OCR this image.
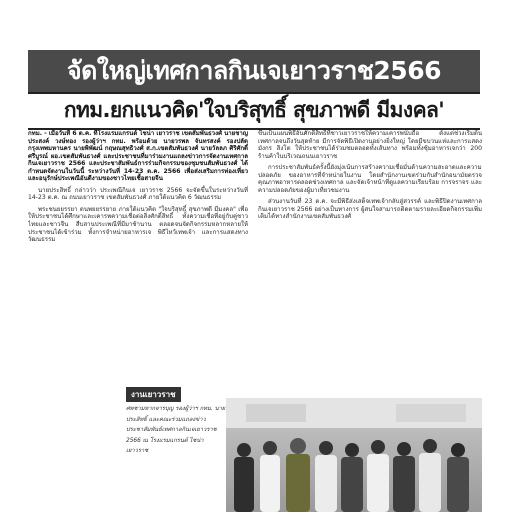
จัดใหญ่เทศกาลกินเจเยาวราช2566
กทม.ยกแนวคิด'ใจบริสุทธิ์ สุขภาพดี มีมงคล'

กทม. - เมื่อวันที่ 6 ต.ค. ที่โรงแรมแกรนด์ ไชน่า เยาวราช เขตสัมพันธวงศ์ นายชาญ ประสงค์ วงษ์ทอง รองผู้ว่าฯ กทม. พร้อมด้วย นายวรพล จันทรสงค์ รองปลัดกรุงเทพมหานคร นายพิพัฒน์ กฤษณสุทธิวงศ์ ส.ก.เขตสัมพันธวงศ์ นายวัลลภ ศิริศักดิ์ศรีบูรณ์ ผอ.เขตสัมพันธวงศ์ และประชาชนที่มาร่วมงานแถลงข่าวการจัดงานเทศกาลกินเจเยาวราช 2566 และประชาสัมพันธ์การร่วมกิจกรรมของชุมชนสัมพันธวงศ์ ได้กำหนดจัดงานในวันนี้ ระหว่างวันที่ 14-23 ต.ค. 2566 เพื่อส่งเสริมการท่องเที่ยวและอนุรักษ์ประเพณีอันดีงามของชาวไทยเชื้อสายจีน

นายประสิทธิ์ กล่าวว่า ประเพณีกินเจ เยาวราช 2566 จะจัดขึ้นในระหว่างวันที่ 14-23 ต.ค. ณ ถนนเยาวราช เขตสัมพันธวงศ์ ภายใต้แนวคิด 6 วัฒนธรรม

พระชนยยรรยา ดนพยยรรยาย ภายใต้แนวคิด "ใจบริสุทธิ์ สุขภาพดี มีมงคล" เพื่อให้ประชาชนได้ศึกษาและเคารพความเชื่อต่อสิ่งศักดิ์สิทธิ์ ทั้งความเชื่อที่อยู่กับคู่ชาวไทยและชาวจีน สืบสานประเพณีที่มีมาช้านาน ตลอดจนจัดกิจกรรมหลากหลายให้ประชาชนได้เข้าร่วม ทั้งการจำหน่ายอาหารเจ พิธีไหว้เทพเจ้า และการแสดงทางวัฒนธรรม

ขึ้นเป็นแผนพิธีอันศักดิ์สิทธิ์ที่ชาวเยาวราชให้ความเคารพนับถือ ตั้งแต่ช่วงเริ่มต้นเทศกาลจนถึงวันสุดท้าย มีการจัดพิธีเปิดงานอย่างยิ่งใหญ่ โดยมีขบวนแห่และการแสดงมังกร สิงโต ให้ประชาชนได้ร่วมชมตลอดทั้งเส้นทาง พร้อมทั้งซุ้มอาหารเจกว่า 200 ร้านค้าในบริเวณถนนเยาวราช

การประชาสัมพันธ์ครั้งนี้ยังมุ่งเน้นการสร้างความเชื่อมั่นด้านความสะอาดและความปลอดภัย ของอาหารที่จำหน่ายในงาน โดยสำนักงานเขตร่วมกับสำนักอนามัยตรวจคุณภาพอาหารตลอดช่วงเทศกาล และจัดเจ้าหน้าที่ดูแลความเรียบร้อย การจราจร และความปลอดภัยของผู้มาเที่ยวชมงาน

ส่วนงานวันที่ 23 ต.ค. จะมีพิธีส่งเสด็จเทพเจ้ากลับสู่สวรรค์ และพิธีปิดงานเทศกาลกินเจเยาวราช 2566 อย่างเป็นทางการ ผู้สนใจสามารถติดตามรายละเอียดกิจกรรมเพิ่มเติมได้ทางสำนักงานเขตสัมพันธวงศ์

งานเยาวราช
ศพชามหากจารบุญ รองผู้ว่าฯ กทม. นายประสิทธิ์ และคณะร่วมแถลงข่าวประชาสัมพันธ์เทศกาลกินเจเยาวราช 2566 ณ โรงแรมแกรนด์ ไชน่า เยาวราช
